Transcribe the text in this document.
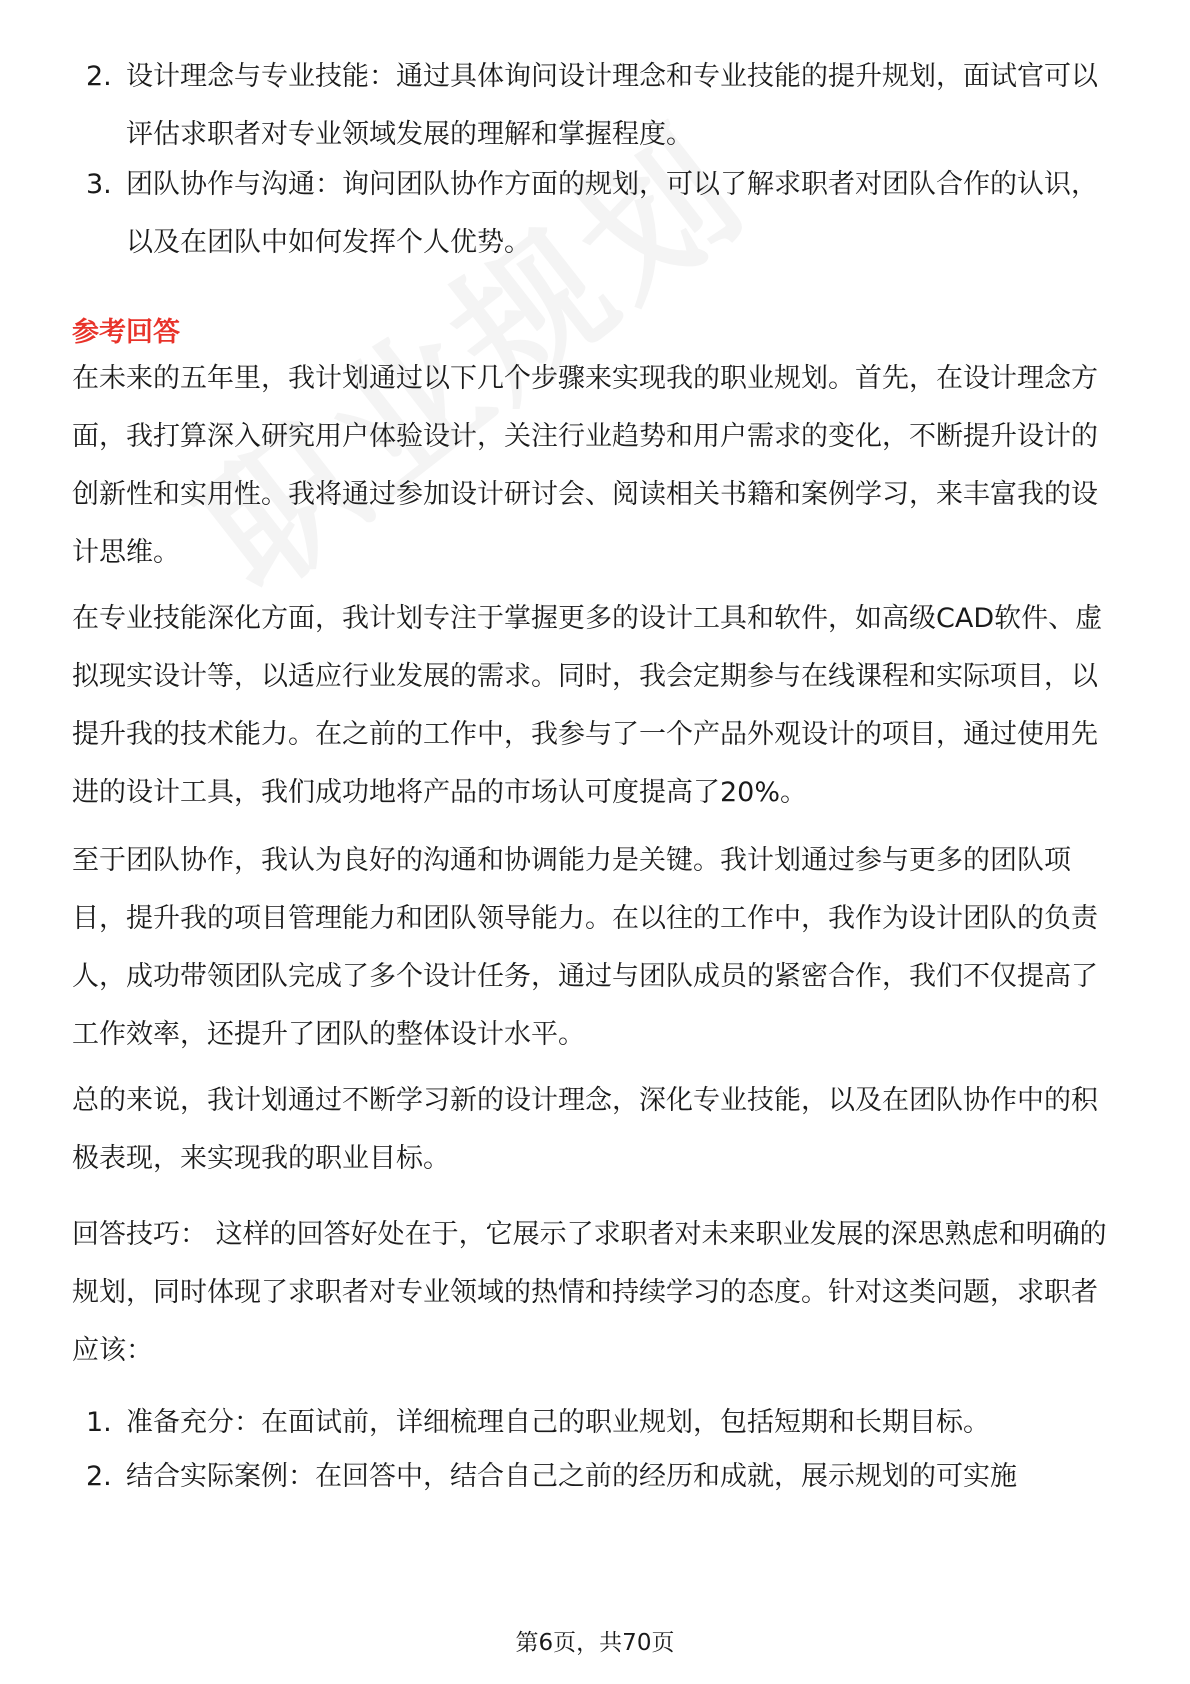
2. 设计理念与专业技能：通过具体询问设计理念和专业技能的提升规划，面试官可以评估求职者对专业领域发展的理解和掌握程度。
3. 团队协作与沟通：询问团队协作方面的规划，可以了解求职者对团队合作的认识，以及在团队中如何发挥个人优势。
参考回答
在未来的五年里，我计划通过以下几个步骤来实现我的职业规划。首先，在设计理念方面，我打算深入研究用户体验设计，关注行业趋势和用户需求的变化，不断提升设计的创新性和实用性。我将通过参加设计研讨会、阅读相关书籍和案例学习，来丰富我的设计思维。
在专业技能深化方面，我计划专注于掌握更多的设计工具和软件，如高级CAD软件、虚拟现实设计等，以适应行业发展的需求。同时，我会定期参与在线课程和实际项目，以提升我的技术能力。在之前的工作中，我参与了一个产品外观设计的项目，通过使用先进的设计工具，我们成功地将产品的市场认可度提高了20%。
至于团队协作，我认为良好的沟通和协调能力是关键。我计划通过参与更多的团队项目，提升我的项目管理能力和团队领导能力。在以往的工作中，我作为设计团队的负责人，成功带领团队完成了多个设计任务，通过与团队成员的紧密合作，我们不仅提高了工作效率，还提升了团队的整体设计水平。
总的来说，我计划通过不断学习新的设计理念，深化专业技能，以及在团队协作中的积极表现，来实现我的职业目标。
回答技巧： 这样的回答好处在于，它展示了求职者对未来职业发展的深思熟虑和明确的规划，同时体现了求职者对专业领域的热情和持续学习的态度。针对这类问题，求职者应该：
1. 准备充分：在面试前，详细梳理自己的职业规划，包括短期和长期目标。
2. 结合实际案例：在回答中，结合自己之前的经历和成就，展示规划的可实施
第6页，共70页
